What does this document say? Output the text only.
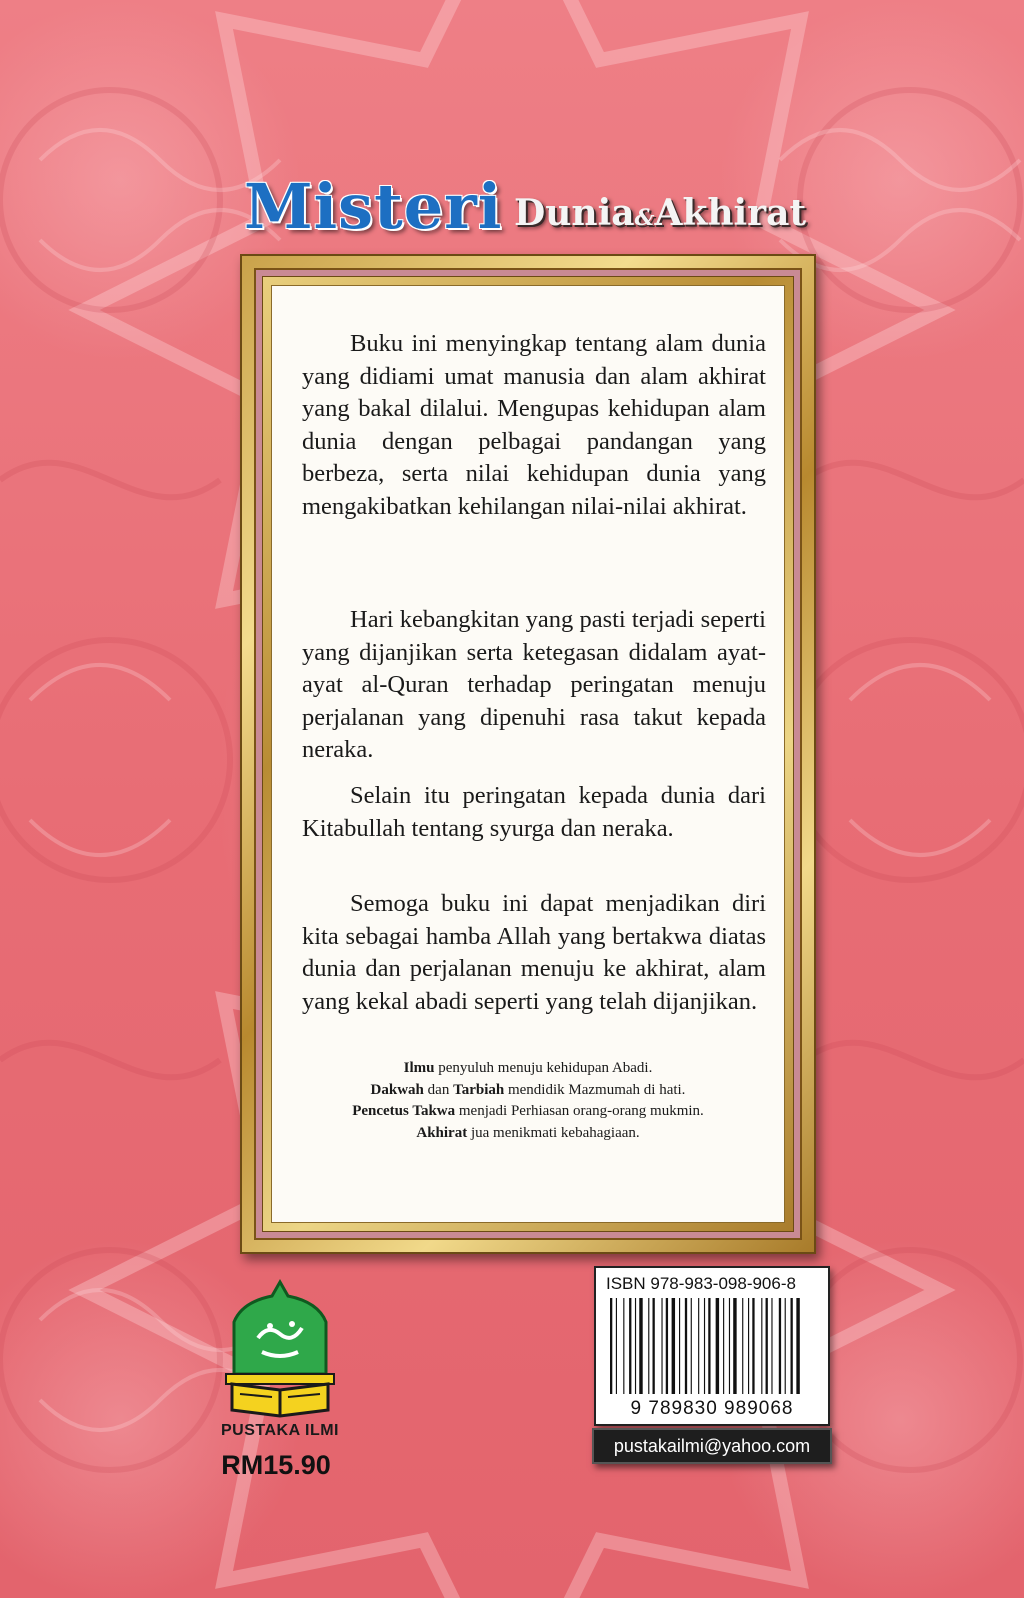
Misteri Dunia&Akhirat

Buku ini menyingkap tentang alam dunia yang didiami umat manusia dan alam akhirat yang bakal dilalui. Mengupas kehidupan alam dunia dengan pelbagai pandangan yang berbeza, serta nilai kehidupan dunia yang mengakibatkan kehilangan nilai-nilai akhirat.

Hari kebangkitan yang pasti terjadi seperti yang dijanjikan serta ketegasan didalam ayat-ayat al-Quran terhadap peringatan menuju perjalanan yang dipenuhi rasa takut kepada neraka.

Selain itu peringatan kepada dunia dari Kitabullah tentang syurga dan neraka.

Semoga buku ini dapat menjadikan diri kita sebagai hamba Allah yang bertakwa diatas dunia dan perjalanan menuju ke akhirat, alam yang kekal abadi seperti yang telah dijanjikan.

Ilmu penyuluh menuju kehidupan Abadi.
Dakwah dan Tarbiah mendidik Mazmumah di hati.
Pencetus Takwa menjadi Perhiasan orang-orang mukmin.
Akhirat jua menikmati kebahagiaan.
PUSTAKA ILMI
RM15.90
ISBN 978-983-098-906-8
9 789830 989068
pustakailmi@yahoo.com
